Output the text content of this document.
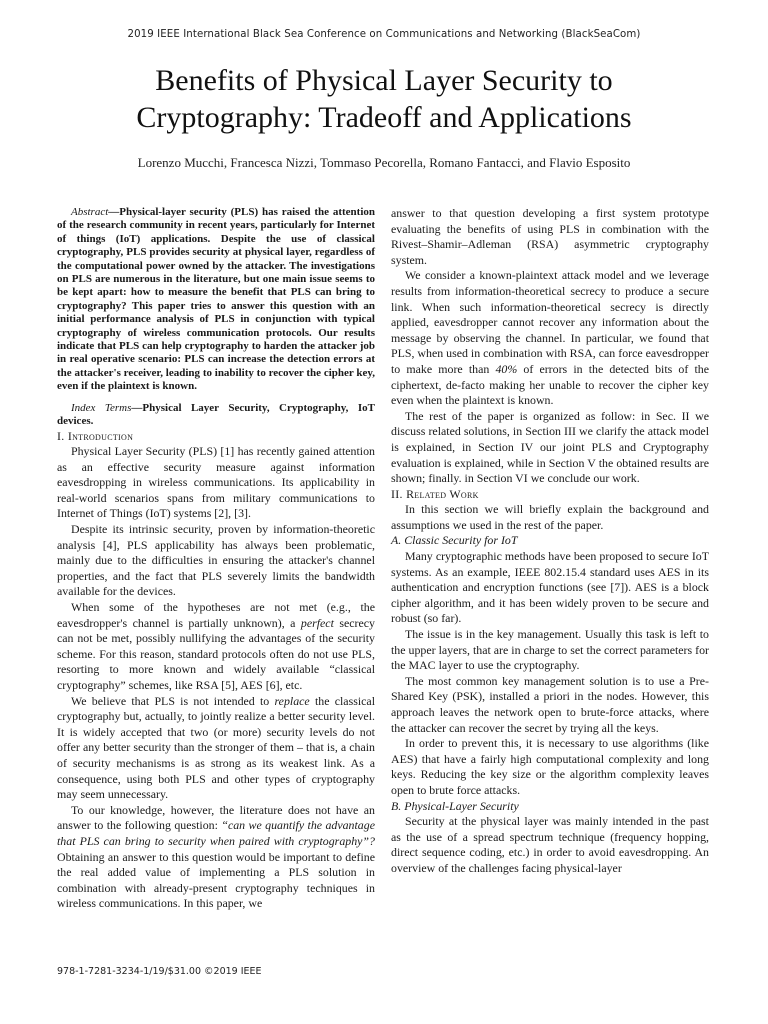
2019 IEEE International Black Sea Conference on Communications and Networking (BlackSeaCom)
Benefits of Physical Layer Security to
Cryptography: Tradeoff and Applications
Lorenzo Mucchi, Francesca Nizzi, Tommaso Pecorella, Romano Fantacci, and Flavio Esposito

Abstract—Physical-layer security (PLS) has raised the attention of the research community in recent years, particularly for Internet of things (IoT) applications. Despite the use of classical cryptography, PLS provides security at physical layer, regardless of the computational power owned by the attacker. The investigations on PLS are numerous in the literature, but one main issue seems to be kept apart: how to measure the benefit that PLS can bring to cryptography? This paper tries to answer this question with an initial performance analysis of PLS in conjunction with typical cryptography of wireless communication protocols. Our results indicate that PLS can help cryptography to harden the attacker job in real operative scenario: PLS can increase the detection errors at the attacker's receiver, leading to inability to recover the cipher key, even if the plaintext is known.

Index Terms—Physical Layer Security, Cryptography, IoT devices.

I. Introduction

Physical Layer Security (PLS) [1] has recently gained attention as an effective security measure against information eavesdropping in wireless communications. Its applicability in real-world scenarios spans from military communications to Internet of Things (IoT) systems [2], [3].

Despite its intrinsic security, proven by information-theoretic analysis [4], PLS applicability has always been problematic, mainly due to the difficulties in ensuring the attacker's channel properties, and the fact that PLS severely limits the bandwidth available for the devices.

When some of the hypotheses are not met (e.g., the eavesdropper's channel is partially unknown), a perfect secrecy can not be met, possibly nullifying the advantages of the security scheme. For this reason, standard protocols often do not use PLS, resorting to more known and widely available “classical cryptography” schemes, like RSA [5], AES [6], etc.

We believe that PLS is not intended to replace the classical cryptography but, actually, to jointly realize a better security level. It is widely accepted that two (or more) security levels do not offer any better security than the stronger of them – that is, a chain of security mechanisms is as strong as its weakest link. As a consequence, using both PLS and other types of cryptography may seem unnecessary.

To our knowledge, however, the literature does not have an answer to the following question: “can we quantify the advantage that PLS can bring to security when paired with cryptography”? Obtaining an answer to this question would be important to define the real added value of implementing a PLS solution in combination with already-present cryptography techniques in wireless communications. In this paper, we

answer to that question developing a first system prototype evaluating the benefits of using PLS in combination with the Rivest–Shamir–Adleman (RSA) asymmetric cryptography system.

We consider a known-plaintext attack model and we leverage results from information-theoretical secrecy to produce a secure link. When such information-theoretical secrecy is directly applied, eavesdropper cannot recover any information about the message by observing the channel. In particular, we found that PLS, when used in combination with RSA, can force eavesdropper to make more than 40% of errors in the detected bits of the ciphertext, de-facto making her unable to recover the cipher key even when the plaintext is known.

The rest of the paper is organized as follow: in Sec. II we discuss related solutions, in Section III we clarify the attack model is explained, in Section IV our joint PLS and Cryptography evaluation is explained, while in Section V the obtained results are shown; finally. in Section VI we conclude our work.

II. Related Work

In this section we will briefly explain the background and assumptions we used in the rest of the paper.

A. Classic Security for IoT

Many cryptographic methods have been proposed to secure IoT systems. As an example, IEEE 802.15.4 standard uses AES in its authentication and encryption functions (see [7]). AES is a block cipher algorithm, and it has been widely proven to be secure and robust (so far).

The issue is in the key management. Usually this task is left to the upper layers, that are in charge to set the correct parameters for the MAC layer to use the cryptography.

The most common key management solution is to use a Pre-Shared Key (PSK), installed a priori in the nodes. However, this approach leaves the network open to brute-force attacks, where the attacker can recover the secret by trying all the keys.

In order to prevent this, it is necessary to use algorithms (like AES) that have a fairly high computational complexity and long keys. Reducing the key size or the algorithm complexity leaves open to brute force attacks.

B. Physical-Layer Security

Security at the physical layer was mainly intended in the past as the use of a spread spectrum technique (frequency hopping, direct sequence coding, etc.) in order to avoid eavesdropping. An overview of the challenges facing physical-layer

978-1-7281-3234-1/19/$31.00 ©2019 IEEE
